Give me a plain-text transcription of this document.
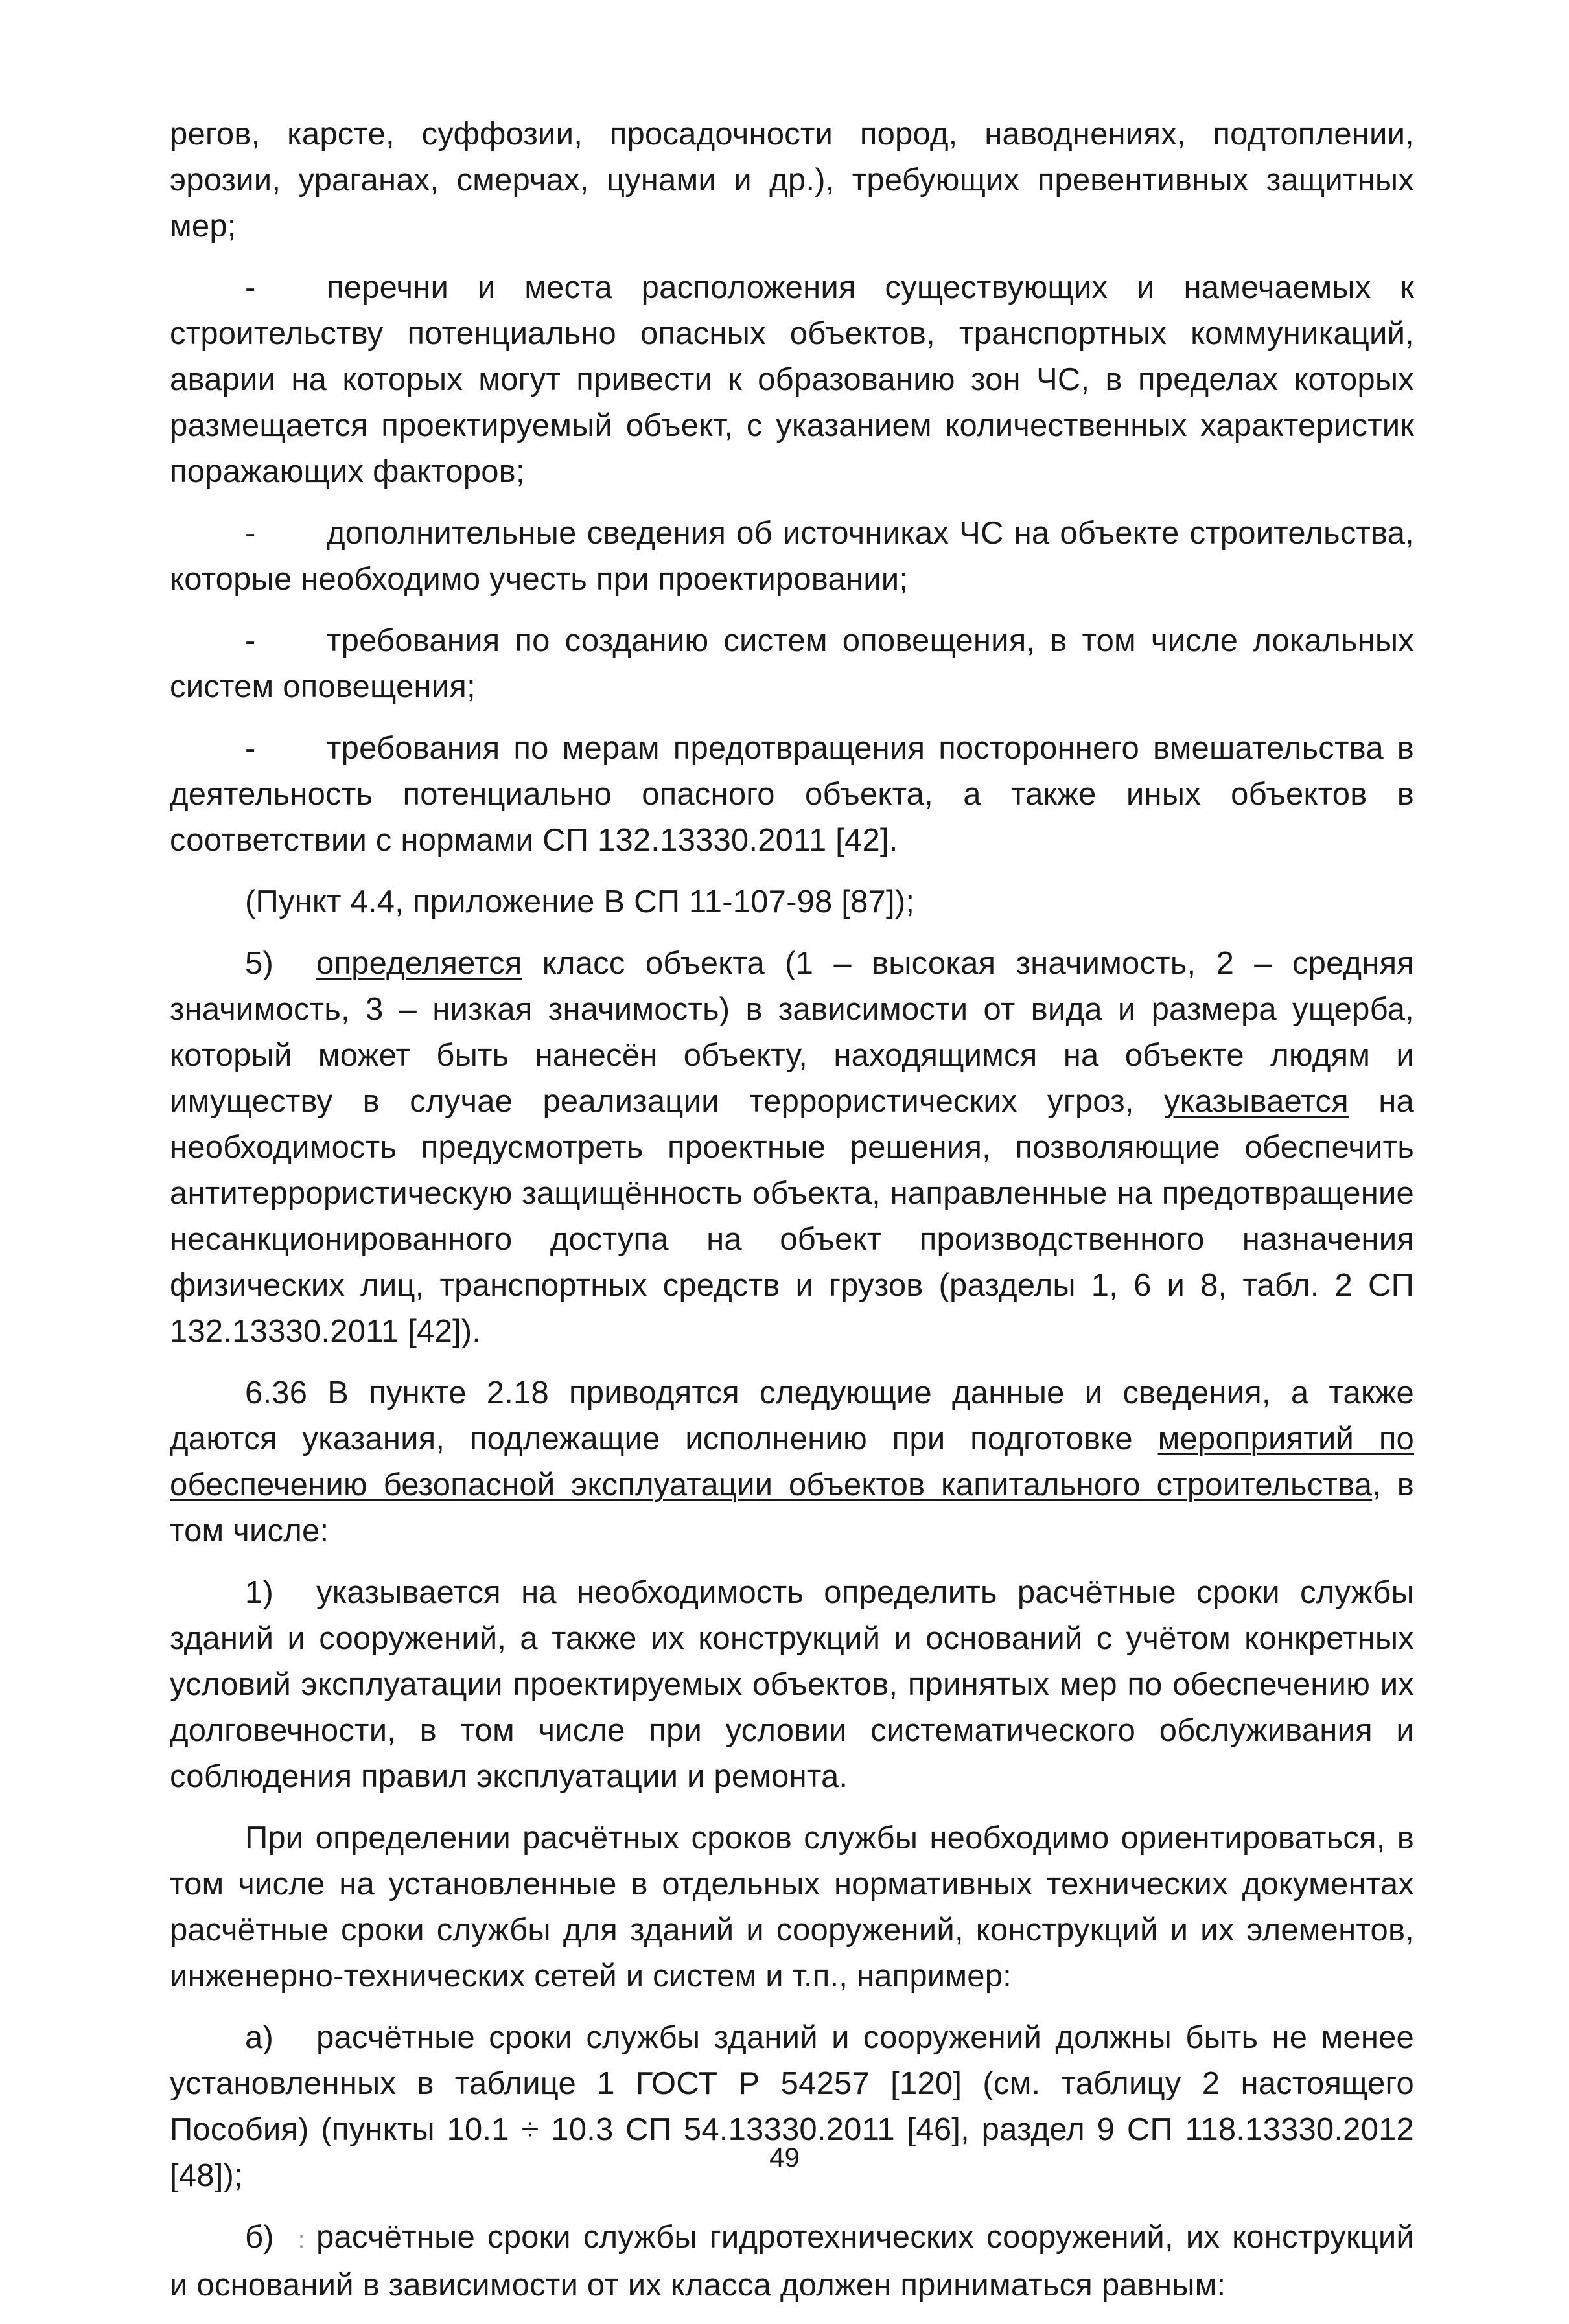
регов, карсте, суффозии, просадочности пород, наводнениях, подтоплении, эрозии, ураганах, смерчах, цунами и др.), требующих превентивных защитных мер;

- перечни и места расположения существующих и намечаемых к строительству потенциально опасных объектов, транспортных коммуникаций, аварии на которых могут привести к образованию зон ЧС, в пределах которых размещается проектируемый объект, с указанием количественных характеристик поражающих факторов;

- дополнительные сведения об источниках ЧС на объекте строительства, которые необходимо учесть при проектировании;

- требования по созданию систем оповещения, в том числе локальных систем оповещения;

- требования по мерам предотвращения постороннего вмешательства в деятельность потенциально опасного объекта, а также иных объектов в соответствии с нормами СП 132.13330.2011 [42].

(Пункт 4.4, приложение В СП 11-107-98 [87]);

5) определяется класс объекта (1 – высокая значимость, 2 – средняя значимость, 3 – низкая значимость) в зависимости от вида и размера ущерба, который может быть нанесён объекту, находящимся на объекте людям и имуществу в случае реализации террористических угроз, указывается на необходимость предусмотреть проектные решения, позволяющие обеспечить антитеррористическую защищённость объекта, направленные на предотвращение несанкционированного доступа на объект производственного назначения физических лиц, транспортных средств и грузов (разделы 1, 6 и 8, табл. 2 СП 132.13330.2011 [42]).

6.36 В пункте 2.18 приводятся следующие данные и сведения, а также даются указания, подлежащие исполнению при подготовке мероприятий по обеспечению безопасной эксплуатации объектов капитального строительства, в том числе:

1) указывается на необходимость определить расчётные сроки службы зданий и сооружений, а также их конструкций и оснований с учётом конкретных условий эксплуатации проектируемых объектов, принятых мер по обеспечению их долговечности, в том числе при условии систематического обслуживания и соблюдения правил эксплуатации и ремонта.

При определении расчётных сроков службы необходимо ориентироваться, в том числе на установленные в отдельных нормативных технических документах расчётные сроки службы для зданий и сооружений, конструкций и их элементов, инженерно-технических сетей и систем и т.п., например:

а) расчётные сроки службы зданий и сооружений должны быть не менее установленных в таблице 1 ГОСТ Р 54257 [120] (см. таблицу 2 настоящего Пособия) (пункты 10.1 ÷ 10.3 СП 54.13330.2011 [46], раздел 9 СП 118.13330.2012 [48]);

:б) расчётные сроки службы гидротехнических сооружений, их конструкций и оснований в зависимости от их класса должен приниматься равным:

49
